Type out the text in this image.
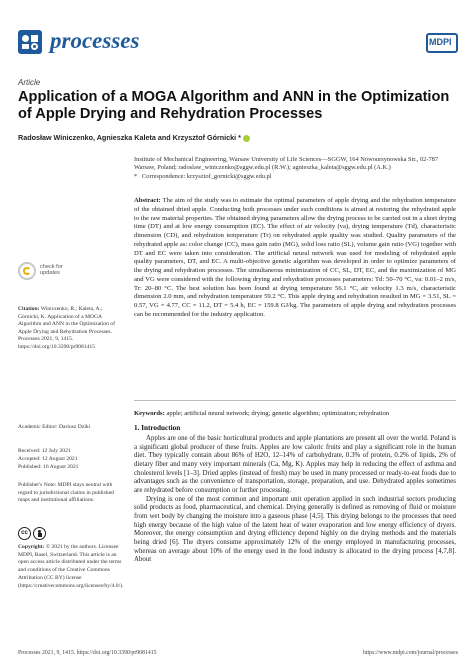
processes	MDPI
Article
Application of a MOGA Algorithm and ANN in the Optimization of Apple Drying and Rehydration Processes
Radosław Winiczenko, Agnieszka Kaleta and Krzysztof Górnicki *
Institute of Mechanical Engineering, Warsaw University of Life Sciences—SGGW, 164 Nowoursynowska Str., 02-787 Warsaw, Poland; radoslaw_winiczenko@sggw.edu.pl (R.W.); agnieszka_kaleta@sggw.edu.pl (A.K.)
* Correspondence: krzysztof_gornicki@sggw.edu.pl
Abstract: The aim of the study was to estimate the optimal parameters of apple drying and the rehydration temperature of the obtained dried apple. Conducting both processes under such conditions is aimed at restoring the rehydrated apple to the raw material properties. The obtained drying parameters allow the drying process to be carried out in a short drying time (DT) and at low energy consumption (EC). The effect of air velocity (va), drying temperature (Td), characteristic dimension (CD), and rehydration temperature (Tr) on rehydrated apple quality was studied. Quality parameters of the rehydrated apple as: color change (CC), mass gain ratio (MG), solid loss ratio (SL), volume gain ratio (VG) together with DT and EC were taken into consideration. The artificial neural network was used for modeling of rehydrated apple quality parameters, DT, and EC. A multi-objective genetic algorithm was developed in order to optimize parameters of the drying and rehydration processes. The simultaneous minimization of CC, SL, DT, EC, and the maximization of MG and VG were considered with the following drying and rehydration processes parameters: Td: 50–70 °C, va: 0.01–2 m/s, Tr: 20–80 °C. The best solution has been found at drying temperature 56.1 °C, air velocity 1.3 m/s, characteristic dimension 2.0 mm, and rehydration temperature 59.2 °C. This apple drying and rehydration resulted in MG = 3.51, SL = 0.57, VG = 4.77, CC = 11.2, DT = 5.4 h, EC = 159.8 GJ/kg. The parameters of apple drying and rehydration processes can be recommended for the industry application.
Keywords: apple; artificial neural network; drying; genetic algorithm; optimization; rehydration
check for updates
Citation: Winiczenko, R.; Kaleta, A.; Górnicki, K. Application of a MOGA Algorithm and ANN in the Optimization of Apple Drying and Rehydration Processes. Processes 2021, 9, 1415. https://doi.org/10.3390/pr9081415
Academic Editor: Dariusz Dziki
Received: 12 July 2021
Accepted: 12 August 2021
Published: 16 August 2021
Publisher's Note: MDPI stays neutral with regard to jurisdictional claims in published maps and institutional affiliations.
cc
Copyright: © 2021 by the authors. Licensee MDPI, Basel, Switzerland. This article is an open access article distributed under the terms and conditions of the Creative Commons Attribution (CC BY) license (https://creativecommons.org/licenses/by/4.0/).
1. Introduction

Apples are one of the basic horticultural products and apple plantations are present all over the world. Poland is a significant global producer of these fruits. Apples are low caloric fruits and play a significant role in the human diet. They typically contain about 86% of H2O, 12–14% of carbohydrate, 0.3% of protein, 0.2% of lipids, 2% of dietary fiber and many very important minerals (Ca, Mg, K). Apples may help in reducing the effect of asthma and cholesterol levels [1–3]. Dried apples (instead of fresh) may be used in many processed or ready-to-eat foods due to advantages such as the convenience of transportation, storage, preparation, and use. Dehydrated apples sometimes are rehydrated before consumption or further processing.

Drying is one of the most common and important unit operation applied in such industrial sectors producing solid products as food, pharmaceutical, and chemical. Drying generally is defined as removing of fluid or moisture from wet body by changing the moisture into a gaseous phase [4,5]. This drying belongs to the processes that need high energy because of the high value of the latent heat of water evaporation and low energy efficiency of dryers. Moreover, the energy consumption and drying efficiency depend highly on the drying methods and the materials being dried [6]. The dryers consume approximately 12% of the energy employed in manufacturing processes, whereas on average about 10% of the energy used in the food industry is allocated to the drying process [4,7,8]. About

Processes 2021, 9, 1415. https://doi.org/10.3390/pr9081415	https://www.mdpi.com/journal/processes
